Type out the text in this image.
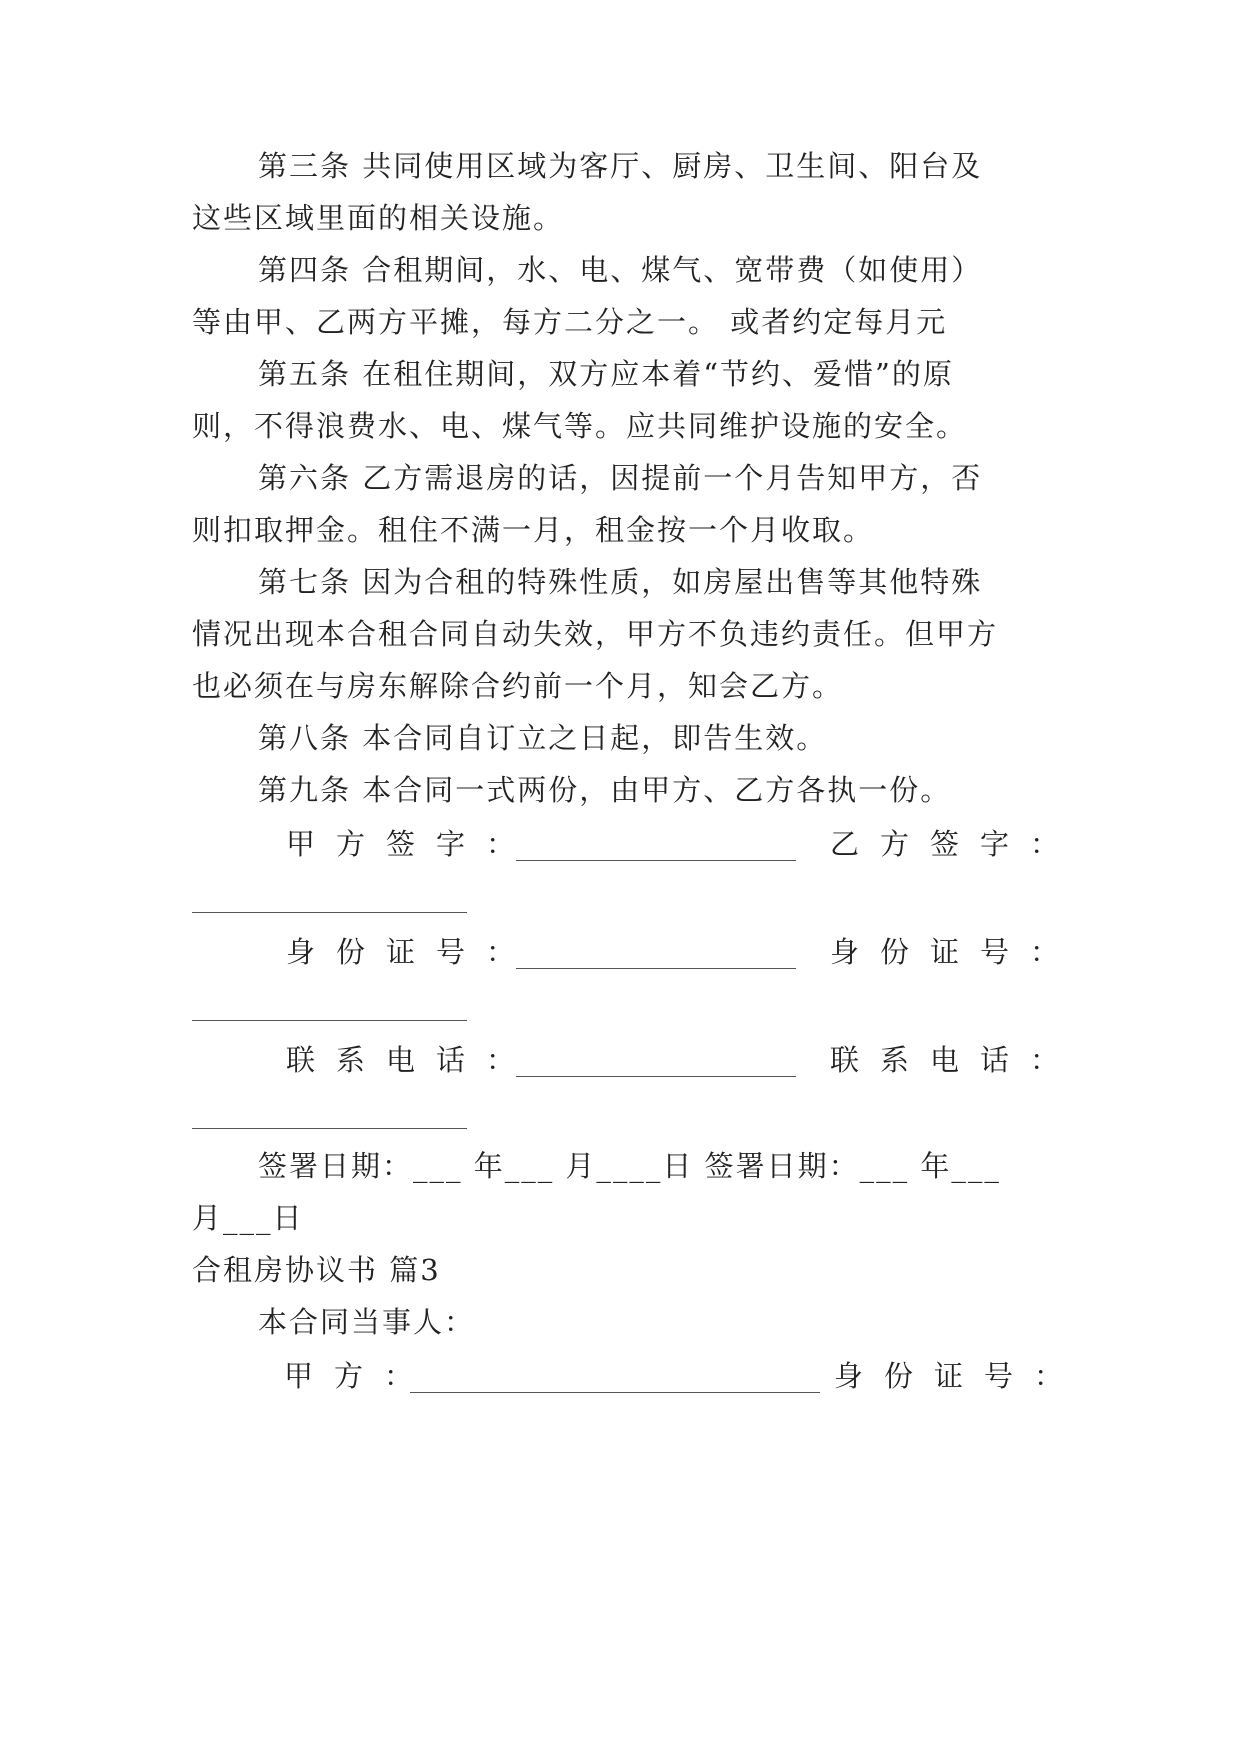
第三条 共同使用区域为客厅、厨房、卫生间、阳台及
这些区域里面的相关设施。
第四条 合租期间，水、电、煤气、宽带费（如使用）
等由甲、乙两方平摊，每方二分之一。 或者约定每月元
第五条 在租住期间，双方应本着“节约、爱惜”的原
则，不得浪费水、电、煤气等。应共同维护设施的安全。
第六条 乙方需退房的话，因提前一个月告知甲方，否
则扣取押金。租住不满一月，租金按一个月收取。
第七条 因为合租的特殊性质，如房屋出售等其他特殊
情况出现本合租合同自动失效，甲方不负违约责任。但甲方
也必须在与房东解除合约前一个月，知会乙方。
第八条 本合同自订立之日起，即告生效。
第九条 本合同一式两份，由甲方、乙方各执一份。
甲方签字：	乙方签字：
身份证号：	身份证号：
联系电话：	联系电话：
签署日期：___ 年___ 月____日 签署日期：___ 年___
月___日
合租房协议书 篇3
本合同当事人：
甲方：	身份证号：
